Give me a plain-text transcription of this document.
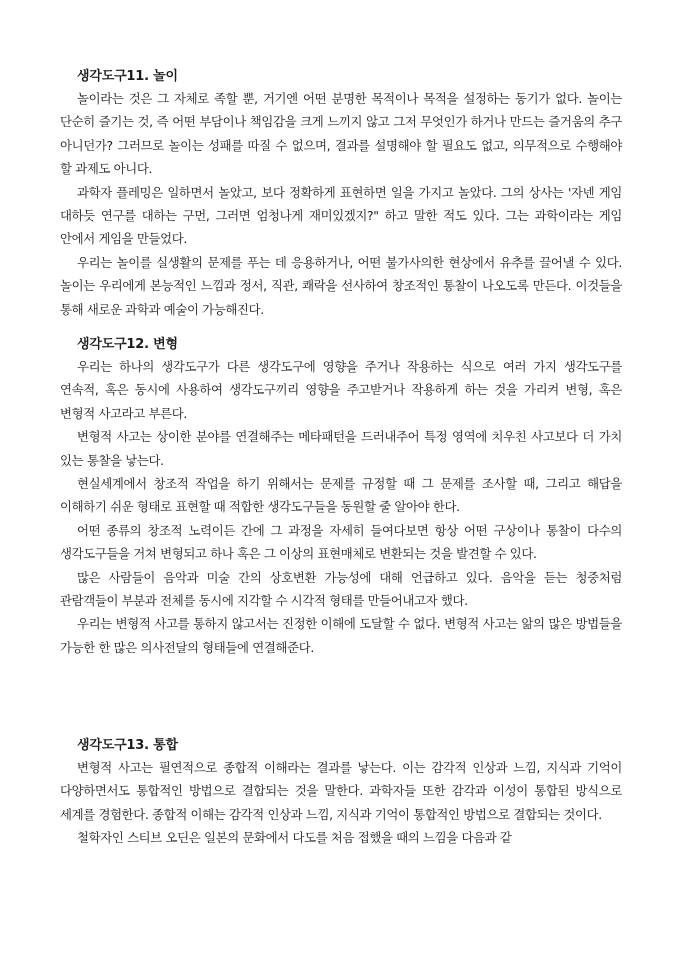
생각도구11. 놀이

놀이라는 것은 그 자체로 족할 뿐, 거기엔 어떤 분명한 목적이나 목적을 설정하는 동기가 없다. 놀이는 단순히 즐기는 것, 즉 어떤 부담이나 책임감을 크게 느끼지 않고 그저 무엇인가 하거나 만드는 즐거움의 추구 아니던가? 그러므로 놀이는 성패를 따질 수 없으며, 결과를 설명해야 할 필요도 없고, 의무적으로 수행해야 할 과제도 아니다.

과학자 플레밍은 일하면서 놀았고, 보다 정확하게 표현하면 일을 가지고 놀았다. 그의 상사는 '자넨 게임 대하듯 연구를 대하는 구먼, 그러면 엄청나게 재미있겠지?" 하고 말한 적도 있다. 그는 과학이라는 게임 안에서 게임을 만들었다.

우리는 놀이를 실생활의 문제를 푸는 데 응용하거나, 어떤 불가사의한 현상에서 유추를 끌어낼 수 있다. 놀이는 우리에게 본능적인 느낌과 정서, 직관, 쾌락을 선사하여 창조적인 통찰이 나오도록 만든다. 이것들을 통해 새로운 과학과 예술이 가능해진다.

생각도구12. 변형

우리는 하나의 생각도구가 다른 생각도구에 영향을 주거나 작용하는 식으로 여러 가지 생각도구를 연속적, 혹은 동시에 사용하여 생각도구끼리 영향을 주고받거나 작용하게 하는 것을 가리켜 변형, 혹은 변형적 사고라고 부른다.

변형적 사고는 상이한 분야를 연결해주는 메타패턴을 드러내주어 특정 영역에 치우친 사고보다 더 가치 있는 통찰을 낳는다.

현실세계에서 창조적 작업을 하기 위해서는 문제를 규정할 때 그 문제를 조사할 때, 그리고 해답을 이해하기 쉬운 형태로 표현할 때 적합한 생각도구들을 동원할 줄 알아야 한다.

어떤 종류의 창조적 노력이든 간에 그 과정을 자세히 들여다보면 항상 어떤 구상이나 통찰이 다수의 생각도구들을 거쳐 변형되고 하나 혹은 그 이상의 표현매체로 변환되는 것을 발견할 수 있다.

많은 사람들이 음악과 미술 간의 상호변환 가능성에 대해 언급하고 있다. 음악을 듣는 청중처럼 관람객들이 부분과 전체를 동시에 지각할 수 시각적 형태를 만들어내고자 했다.

우리는 변형적 사고를 통하지 않고서는 진정한 이해에 도달할 수 없다. 변형적 사고는 앎의 많은 방법들을 가능한 한 많은 의사전달의 형태들에 연결해준다.

생각도구13. 통합

변형적 사고는 필연적으로 종합적 이해라는 결과를 낳는다. 이는 감각적 인상과 느낌, 지식과 기억이 다양하면서도 통합적인 방법으로 결합되는 것을 말한다. 과학자들 또한 감각과 이성이 통합된 방식으로 세계를 경험한다. 종합적 이해는 감각적 인상과 느낌, 지식과 기억이 통합적인 방법으로 결합되는 것이다.

철학자인 스티브 오딘은 일본의 문화에서 다도를 처음 접했을 때의 느낌을 다음과 같
